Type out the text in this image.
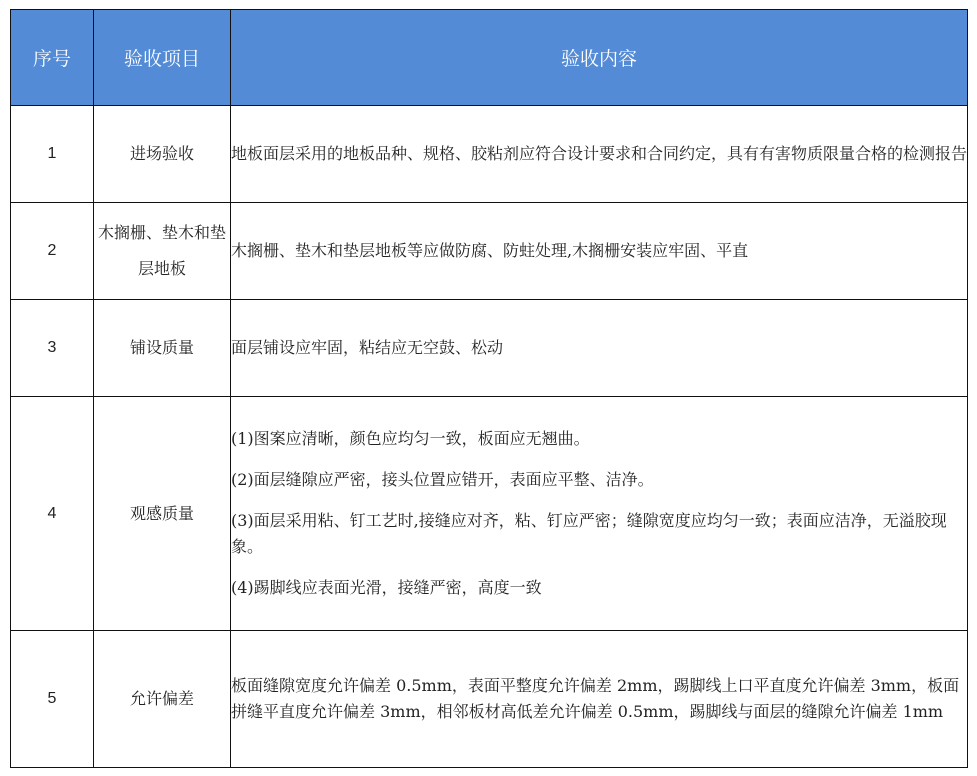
序号	验收项目	验收内容
1	进场验收	地板面层采用的地板品种、规格、胶粘剂应符合设计要求和合同约定，具有有害物质限量合格的检测报告
2	木搁栅、垫木和垫层地板	木搁栅、垫木和垫层地板等应做防腐、防蛀处理,木搁栅安装应牢固、平直
3	铺设质量	面层铺设应牢固，粘结应无空鼓、松动
4	观感质量	(1)图案应清晰，颜色应均匀一致，板面应无翘曲。

(2)面层缝隙应严密，接头位置应错开，表面应平整、洁净。

(3)面层采用粘、钉工艺时,接缝应对齐，粘、钉应严密；缝隙宽度应均匀一致；表面应洁净，无溢胶现象。

(4)踢脚线应表面光滑，接缝严密，高度一致

5	允许偏差	板面缝隙宽度允许偏差 0.5mm，表面平整度允许偏差 2mm，踢脚线上口平直度允许偏差 3mm，板面拼缝平直度允许偏差 3mm，相邻板材高低差允许偏差 0.5mm，踢脚线与面层的缝隙允许偏差 1mm
